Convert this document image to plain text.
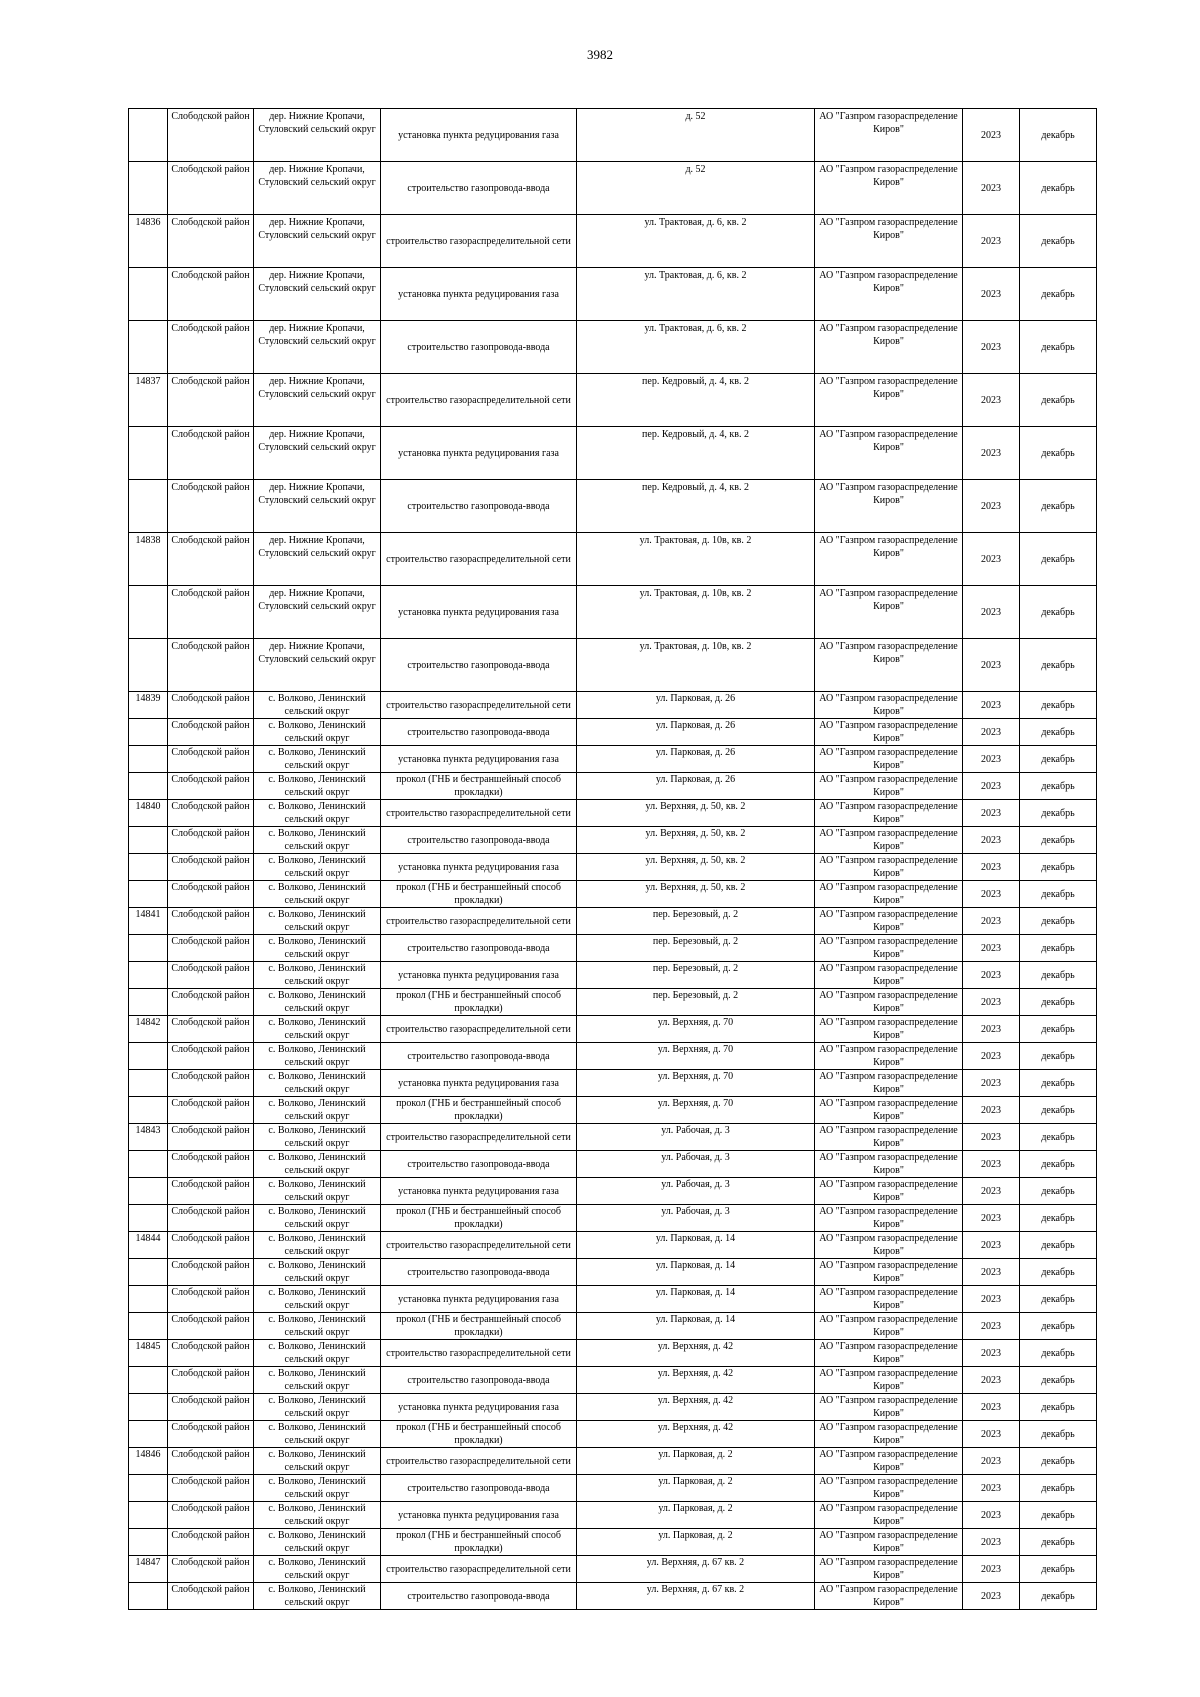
3982
	Слободской район	дер. Нижние Кропачи, Стуловский сельский округ	установка пункта редуцирования газа	д. 52	АО "Газпром газораспределение Киров"	2023	декабрь
	Слободской район	дер. Нижние Кропачи, Стуловский сельский округ	строительство газопровода-ввода	д. 52	АО "Газпром газораспределение Киров"	2023	декабрь
14836	Слободской район	дер. Нижние Кропачи, Стуловский сельский округ	строительство газораспределительной сети	ул. Трактовая, д. 6, кв. 2	АО "Газпром газораспределение Киров"	2023	декабрь
	Слободской район	дер. Нижние Кропачи, Стуловский сельский округ	установка пункта редуцирования газа	ул. Трактовая, д. 6, кв. 2	АО "Газпром газораспределение Киров"	2023	декабрь
	Слободской район	дер. Нижние Кропачи, Стуловский сельский округ	строительство газопровода-ввода	ул. Трактовая, д. 6, кв. 2	АО "Газпром газораспределение Киров"	2023	декабрь
14837	Слободской район	дер. Нижние Кропачи, Стуловский сельский округ	строительство газораспределительной сети	пер. Кедровый, д. 4, кв. 2	АО "Газпром газораспределение Киров"	2023	декабрь
	Слободской район	дер. Нижние Кропачи, Стуловский сельский округ	установка пункта редуцирования газа	пер. Кедровый, д. 4, кв. 2	АО "Газпром газораспределение Киров"	2023	декабрь
	Слободской район	дер. Нижние Кропачи, Стуловский сельский округ	строительство газопровода-ввода	пер. Кедровый, д. 4, кв. 2	АО "Газпром газораспределение Киров"	2023	декабрь
14838	Слободской район	дер. Нижние Кропачи, Стуловский сельский округ	строительство газораспределительной сети	ул. Трактовая, д. 10в, кв. 2	АО "Газпром газораспределение Киров"	2023	декабрь
	Слободской район	дер. Нижние Кропачи, Стуловский сельский округ	установка пункта редуцирования газа	ул. Трактовая, д. 10в, кв. 2	АО "Газпром газораспределение Киров"	2023	декабрь
	Слободской район	дер. Нижние Кропачи, Стуловский сельский округ	строительство газопровода-ввода	ул. Трактовая, д. 10в, кв. 2	АО "Газпром газораспределение Киров"	2023	декабрь
14839	Слободской район	с. Волково, Ленинский сельский округ	строительство газораспределительной сети	ул. Парковая, д. 26	АО "Газпром газораспределение Киров"	2023	декабрь
	Слободской район	с. Волково, Ленинский сельский округ	строительство газопровода-ввода	ул. Парковая, д. 26	АО "Газпром газораспределение Киров"	2023	декабрь
	Слободской район	с. Волково, Ленинский сельский округ	установка пункта редуцирования газа	ул. Парковая, д. 26	АО "Газпром газораспределение Киров"	2023	декабрь
	Слободской район	с. Волково, Ленинский сельский округ	прокол (ГНБ и бестраншейный способ прокладки)	ул. Парковая, д. 26	АО "Газпром газораспределение Киров"	2023	декабрь
14840	Слободской район	с. Волково, Ленинский сельский округ	строительство газораспределительной сети	ул. Верхняя, д. 50, кв. 2	АО "Газпром газораспределение Киров"	2023	декабрь
	Слободской район	с. Волково, Ленинский сельский округ	строительство газопровода-ввода	ул. Верхняя, д. 50, кв. 2	АО "Газпром газораспределение Киров"	2023	декабрь
	Слободской район	с. Волково, Ленинский сельский округ	установка пункта редуцирования газа	ул. Верхняя, д. 50, кв. 2	АО "Газпром газораспределение Киров"	2023	декабрь
	Слободской район	с. Волково, Ленинский сельский округ	прокол (ГНБ и бестраншейный способ прокладки)	ул. Верхняя, д. 50, кв. 2	АО "Газпром газораспределение Киров"	2023	декабрь
14841	Слободской район	с. Волково, Ленинский сельский округ	строительство газораспределительной сети	пер. Березовый, д. 2	АО "Газпром газораспределение Киров"	2023	декабрь
	Слободской район	с. Волково, Ленинский сельский округ	строительство газопровода-ввода	пер. Березовый, д. 2	АО "Газпром газораспределение Киров"	2023	декабрь
	Слободской район	с. Волково, Ленинский сельский округ	установка пункта редуцирования газа	пер. Березовый, д. 2	АО "Газпром газораспределение Киров"	2023	декабрь
	Слободской район	с. Волково, Ленинский сельский округ	прокол (ГНБ и бестраншейный способ прокладки)	пер. Березовый, д. 2	АО "Газпром газораспределение Киров"	2023	декабрь
14842	Слободской район	с. Волково, Ленинский сельский округ	строительство газораспределительной сети	ул. Верхняя, д. 70	АО "Газпром газораспределение Киров"	2023	декабрь
	Слободской район	с. Волково, Ленинский сельский округ	строительство газопровода-ввода	ул. Верхняя, д. 70	АО "Газпром газораспределение Киров"	2023	декабрь
	Слободской район	с. Волково, Ленинский сельский округ	установка пункта редуцирования газа	ул. Верхняя, д. 70	АО "Газпром газораспределение Киров"	2023	декабрь
	Слободской район	с. Волково, Ленинский сельский округ	прокол (ГНБ и бестраншейный способ прокладки)	ул. Верхняя, д. 70	АО "Газпром газораспределение Киров"	2023	декабрь
14843	Слободской район	с. Волково, Ленинский сельский округ	строительство газораспределительной сети	ул. Рабочая, д. 3	АО "Газпром газораспределение Киров"	2023	декабрь
	Слободской район	с. Волково, Ленинский сельский округ	строительство газопровода-ввода	ул. Рабочая, д. 3	АО "Газпром газораспределение Киров"	2023	декабрь
	Слободской район	с. Волково, Ленинский сельский округ	установка пункта редуцирования газа	ул. Рабочая, д. 3	АО "Газпром газораспределение Киров"	2023	декабрь
	Слободской район	с. Волково, Ленинский сельский округ	прокол (ГНБ и бестраншейный способ прокладки)	ул. Рабочая, д. 3	АО "Газпром газораспределение Киров"	2023	декабрь
14844	Слободской район	с. Волково, Ленинский сельский округ	строительство газораспределительной сети	ул. Парковая, д. 14	АО "Газпром газораспределение Киров"	2023	декабрь
	Слободской район	с. Волково, Ленинский сельский округ	строительство газопровода-ввода	ул. Парковая, д. 14	АО "Газпром газораспределение Киров"	2023	декабрь
	Слободской район	с. Волково, Ленинский сельский округ	установка пункта редуцирования газа	ул. Парковая, д. 14	АО "Газпром газораспределение Киров"	2023	декабрь
	Слободской район	с. Волково, Ленинский сельский округ	прокол (ГНБ и бестраншейный способ прокладки)	ул. Парковая, д. 14	АО "Газпром газораспределение Киров"	2023	декабрь
14845	Слободской район	с. Волково, Ленинский сельский округ	строительство газораспределительной сети	ул. Верхняя, д. 42	АО "Газпром газораспределение Киров"	2023	декабрь
	Слободской район	с. Волково, Ленинский сельский округ	строительство газопровода-ввода	ул. Верхняя, д. 42	АО "Газпром газораспределение Киров"	2023	декабрь
	Слободской район	с. Волково, Ленинский сельский округ	установка пункта редуцирования газа	ул. Верхняя, д. 42	АО "Газпром газораспределение Киров"	2023	декабрь
	Слободской район	с. Волково, Ленинский сельский округ	прокол (ГНБ и бестраншейный способ прокладки)	ул. Верхняя, д. 42	АО "Газпром газораспределение Киров"	2023	декабрь
14846	Слободской район	с. Волково, Ленинский сельский округ	строительство газораспределительной сети	ул. Парковая, д. 2	АО "Газпром газораспределение Киров"	2023	декабрь
	Слободской район	с. Волково, Ленинский сельский округ	строительство газопровода-ввода	ул. Парковая, д. 2	АО "Газпром газораспределение Киров"	2023	декабрь
	Слободской район	с. Волково, Ленинский сельский округ	установка пункта редуцирования газа	ул. Парковая, д. 2	АО "Газпром газораспределение Киров"	2023	декабрь
	Слободской район	с. Волково, Ленинский сельский округ	прокол (ГНБ и бестраншейный способ прокладки)	ул. Парковая, д. 2	АО "Газпром газораспределение Киров"	2023	декабрь
14847	Слободской район	с. Волково, Ленинский сельский округ	строительство газораспределительной сети	ул. Верхняя, д. 67 кв. 2	АО "Газпром газораспределение Киров"	2023	декабрь
	Слободской район	с. Волково, Ленинский сельский округ	строительство газопровода-ввода	ул. Верхняя, д. 67 кв. 2	АО "Газпром газораспределение Киров"	2023	декабрь
